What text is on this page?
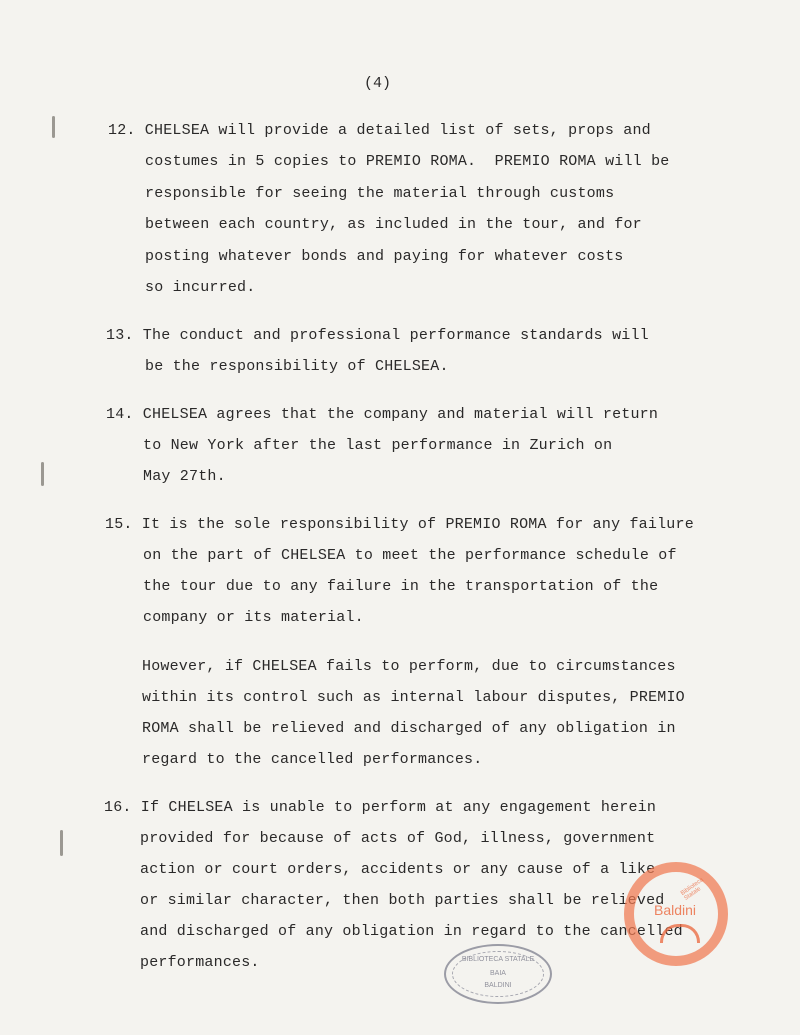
(4)
12. CHELSEA will provide a detailed list of sets, props and
costumes in 5 copies to PREMIO ROMA.  PREMIO ROMA will be
responsible for seeing the material through customs
between each country, as included in the tour, and for
posting whatever bonds and paying for whatever costs
so incurred.
13. The conduct and professional performance standards will
be the responsibility of CHELSEA.
14. CHELSEA agrees that the company and material will return
to New York after the last performance in Zurich on
May 27th.
15. It is the sole responsibility of PREMIO ROMA for any failure
on the part of CHELSEA to meet the performance schedule of
the tour due to any failure in the transportation of the
company or its material.
However, if CHELSEA fails to perform, due to circumstances
within its control such as internal labour disputes, PREMIO
ROMA shall be relieved and discharged of any obligation in
regard to the cancelled performances.
16. If CHELSEA is unable to perform at any engagement herein
provided for because of acts of God, illness, government
action or court orders, accidents or any cause of a like
or similar character, then both parties shall be relieved
and discharged of any obligation in regard to the cancelled
performances.	BIBLIOTECA STATALE
BAIA
BALDINI
Biblioteca Statale
Baldini
